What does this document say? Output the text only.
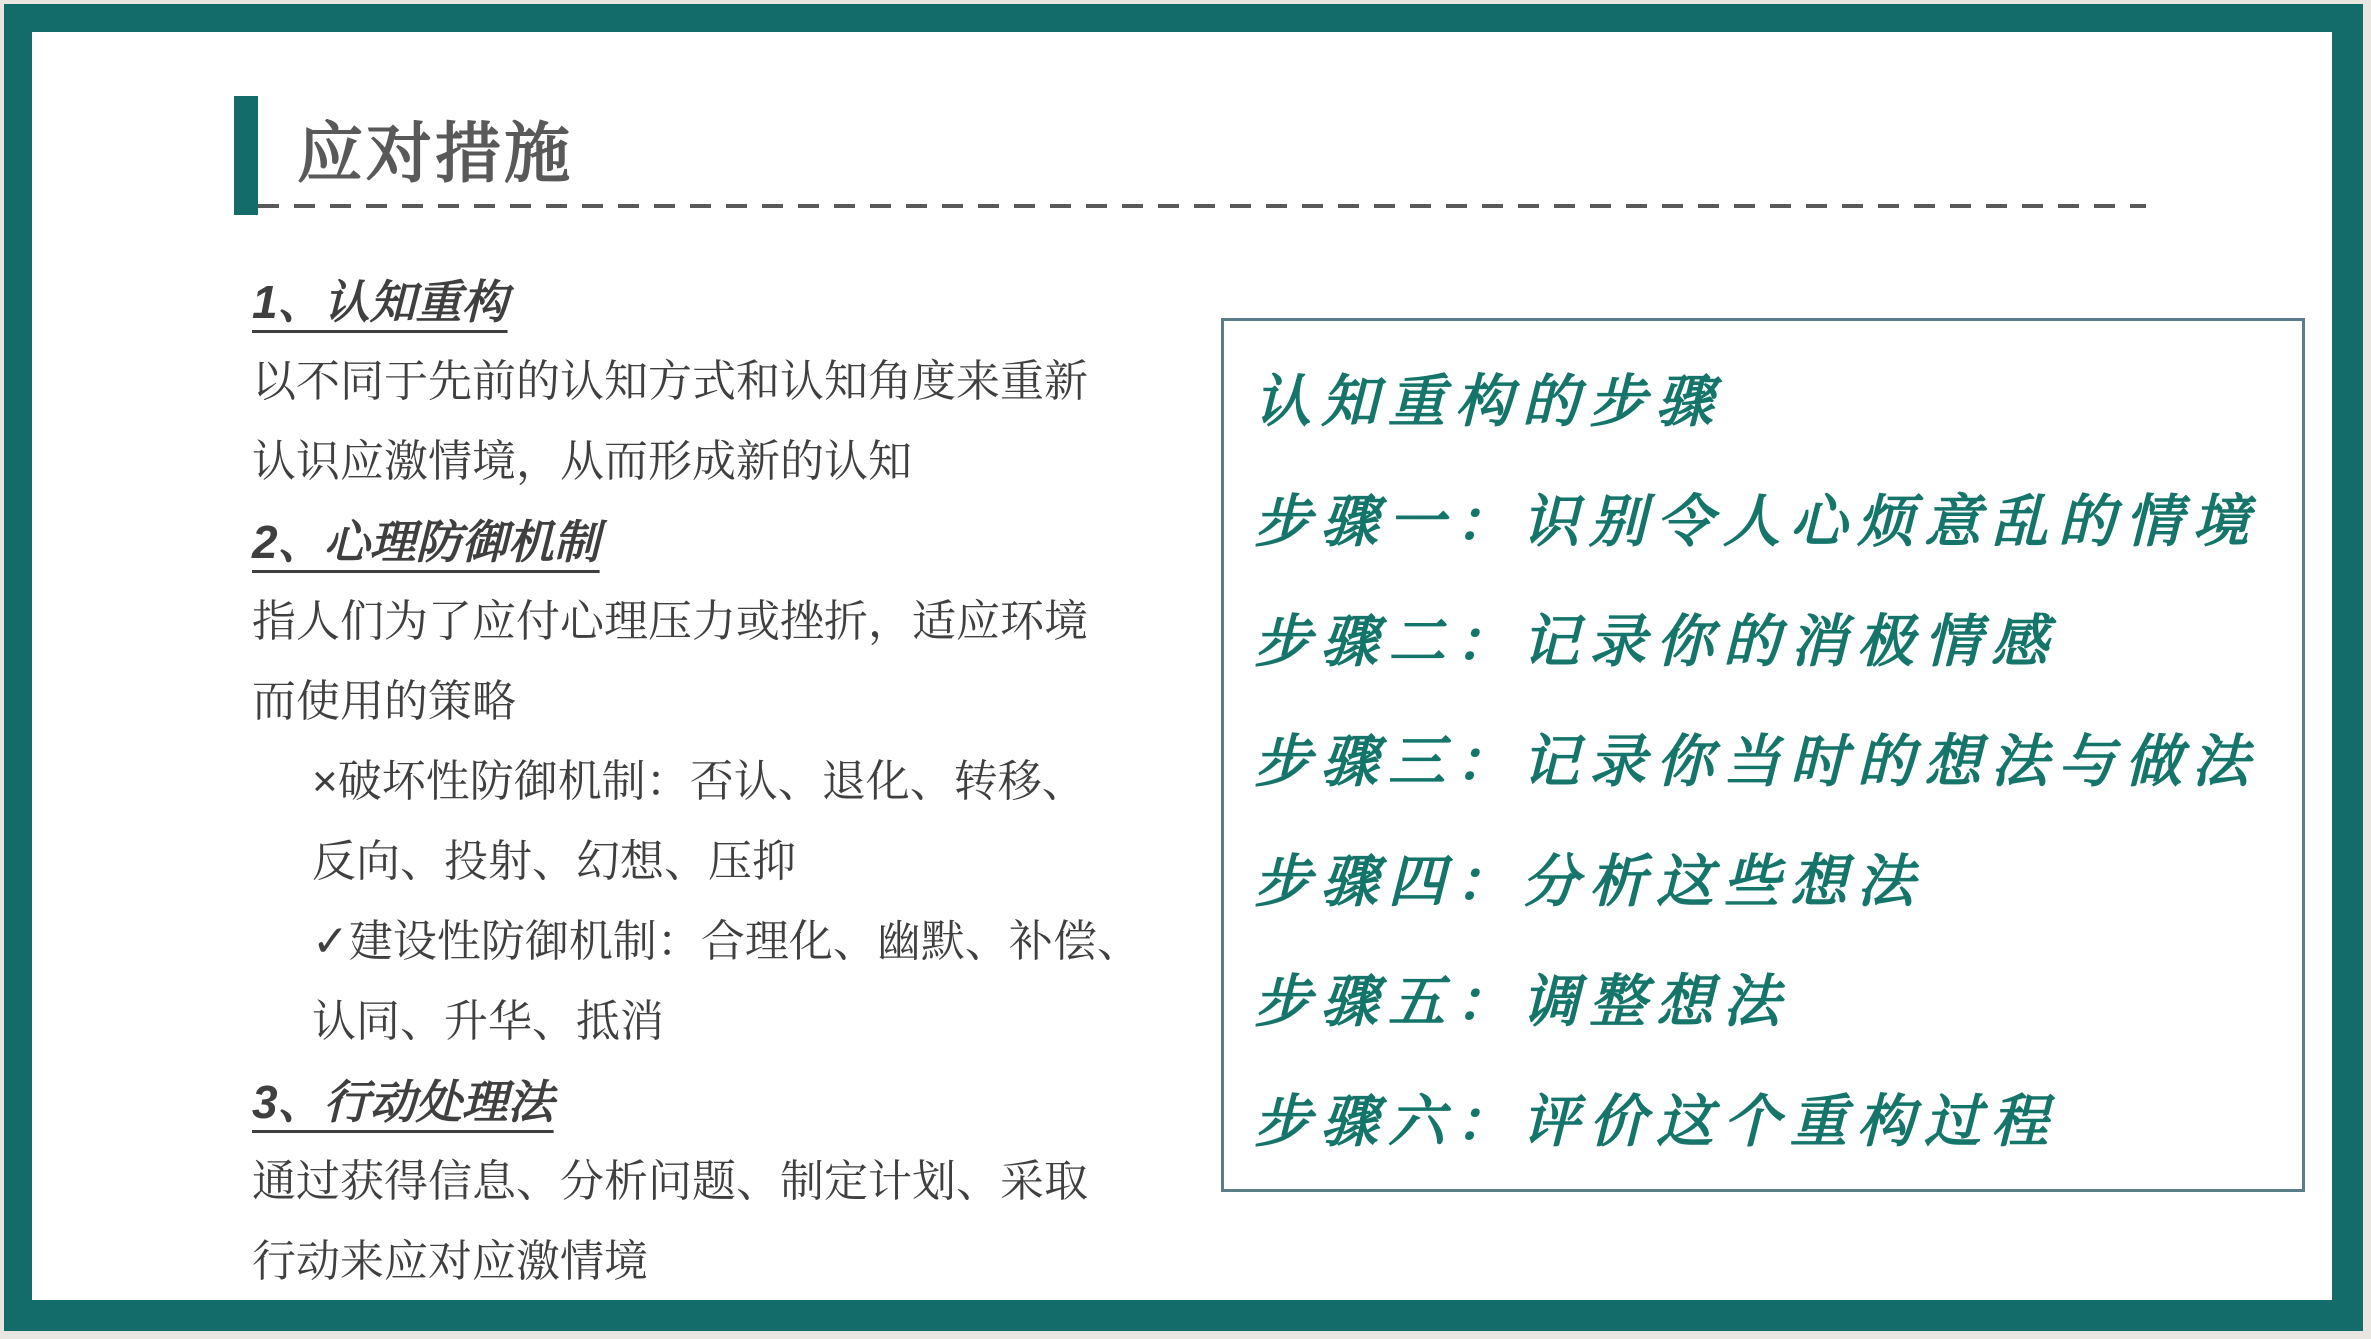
应对措施
1、认知重构
以不同于先前的认知方式和认知角度来重新
认识应激情境，从而形成新的认知
2、心理防御机制
指人们为了应付心理压力或挫折，适应环境
而使用的策略
×破坏性防御机制：否认、退化、转移、
反向、投射、幻想、压抑
✓建设性防御机制：合理化、幽默、补偿、
认同、升华、抵消
3、行动处理法
通过获得信息、分析问题、制定计划、采取
行动来应对应激情境
认知重构的步骤
步骤一：识别令人心烦意乱的情境
步骤二：记录你的消极情感
步骤三：记录你当时的想法与做法
步骤四：分析这些想法
步骤五：调整想法
步骤六：评价这个重构过程
